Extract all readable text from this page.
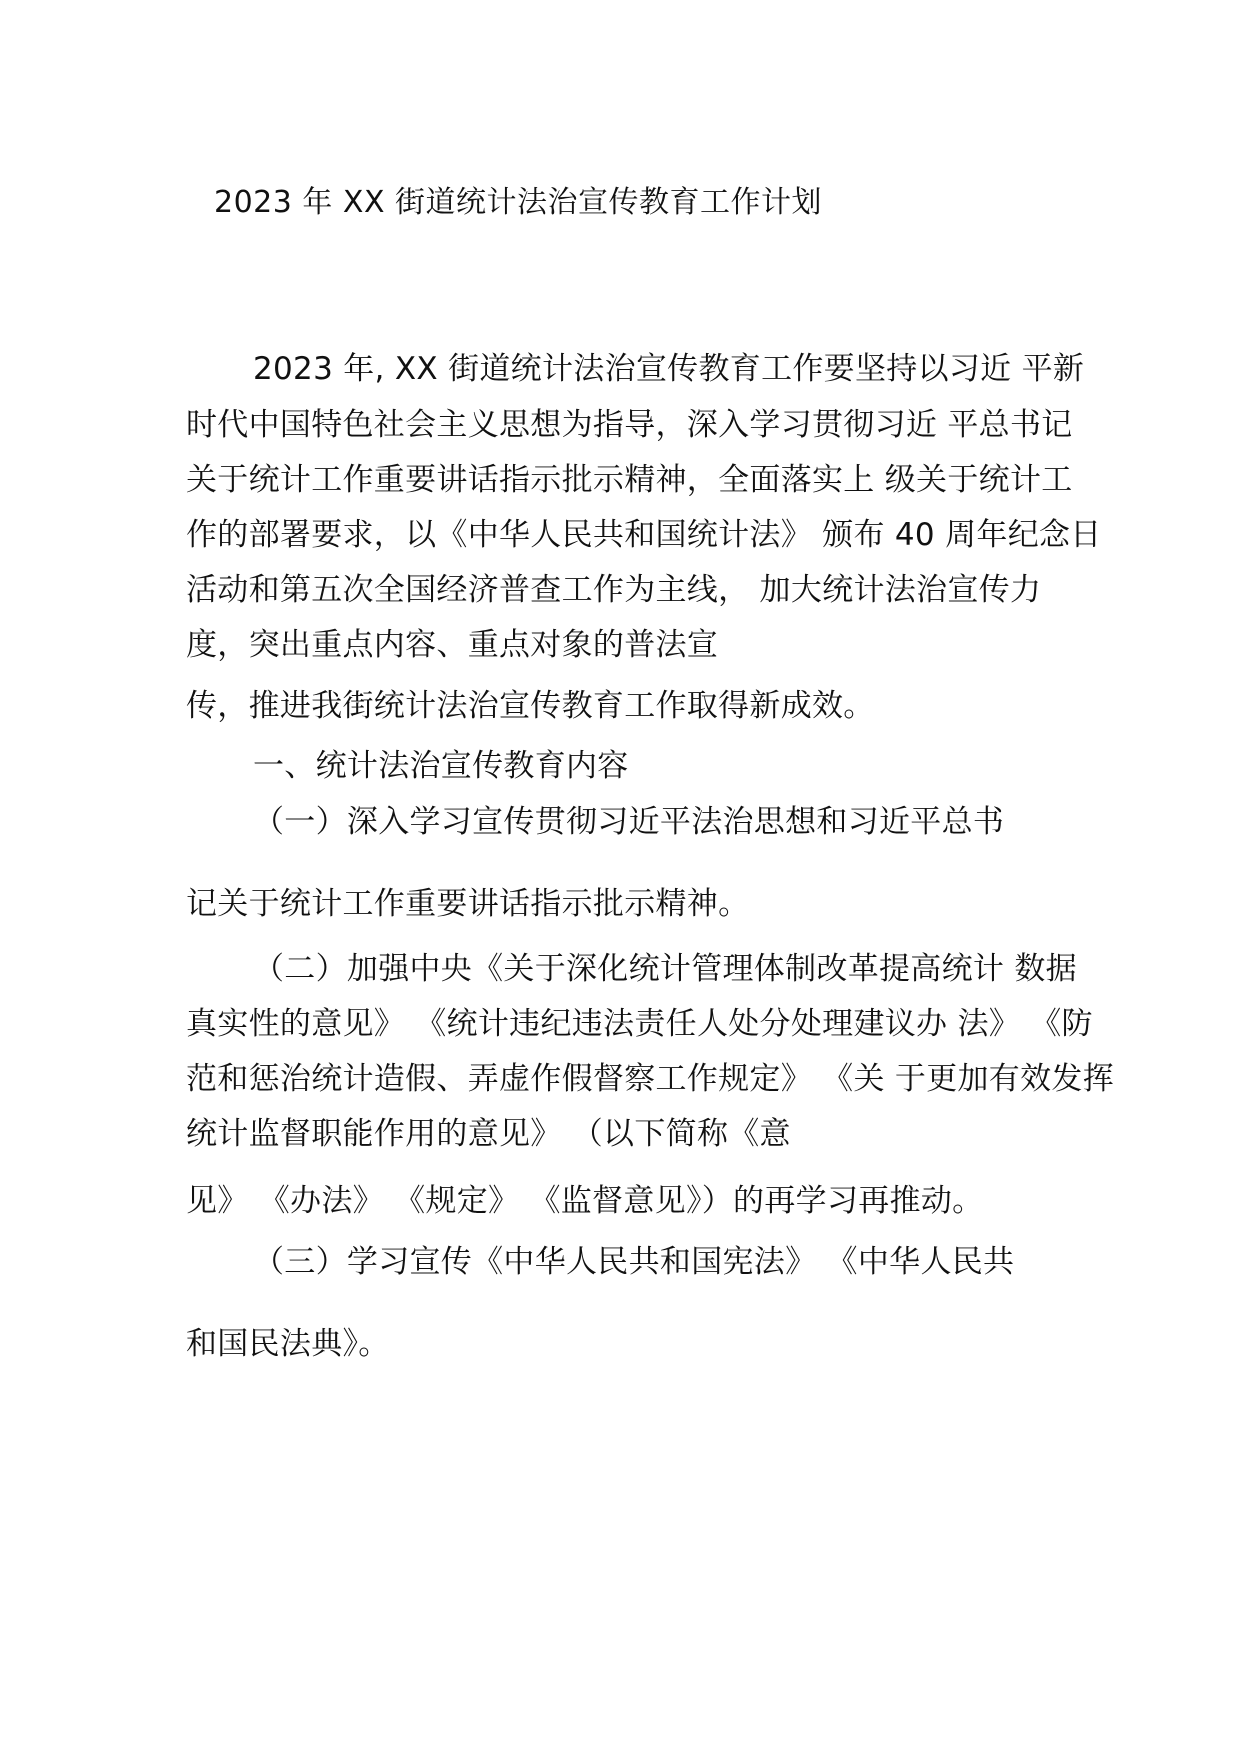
2023 年 XX 街道统计法治宣传教育工作计划
2023 年, XX 街道统计法治宣传教育工作要坚持以习近 平新
时代中国特色社会主义思想为指导，深入学习贯彻习近 平总书记
关于统计工作重要讲话指示批示精神，全面落实上 级关于统计工
作的部署要求，以《中华人民共和国统计法》 颁布 40 周年纪念日
活动和第五次全国经济普查工作为主线， 加大统计法治宣传力
度，突出重点内容、重点对象的普法宣
传，推进我街统计法治宣传教育工作取得新成效。
一、统计法治宣传教育内容
（一）深入学习宣传贯彻习近平法治思想和习近平总书
记关于统计工作重要讲话指示批示精神。
（二）加强中央《关于深化统计管理体制改革提高统计 数据
真实性的意见》 《统计违纪违法责任人处分处理建议办 法》 《防
范和惩治统计造假、弄虚作假督察工作规定》 《关 于更加有效发挥
统计监督职能作用的意见》 （以下简称《意
见》 《办法》 《规定》 《监督意见》）的再学习再推动。
（三）学习宣传《中华人民共和国宪法》 《中华人民共
和国民法典》。
